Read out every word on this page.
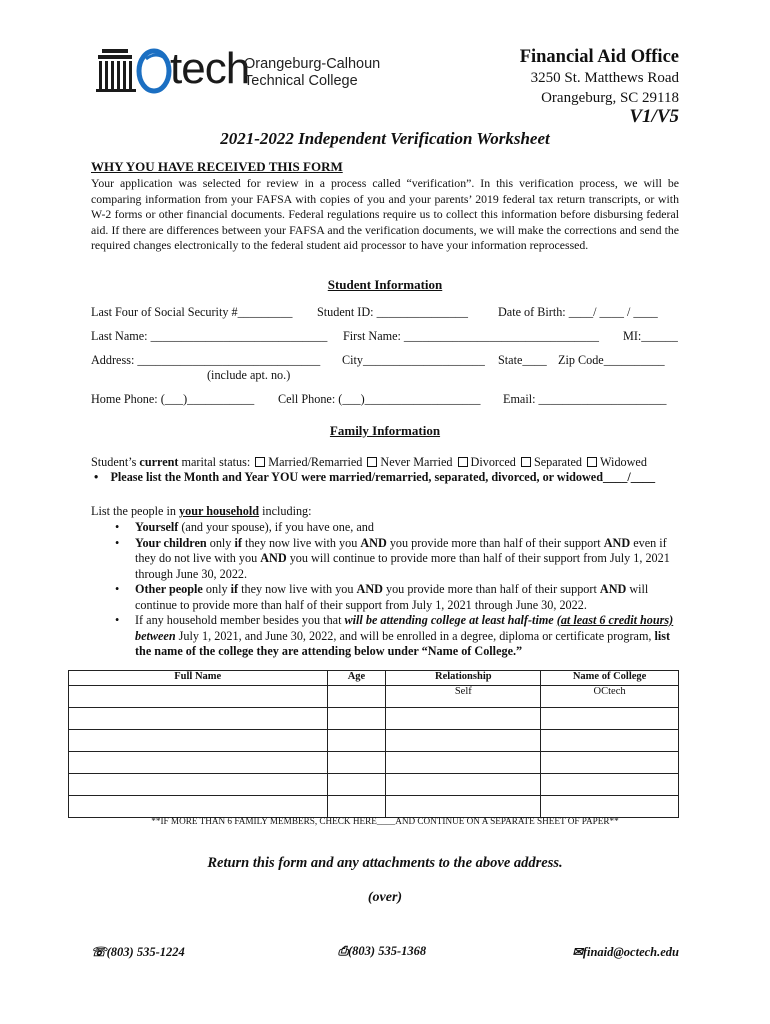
tech
Orangeburg-Calhoun
Technical College
Financial Aid Office
3250 St. Matthews Road
Orangeburg, SC 29118
V1/V5
2021-2022 Independent Verification Worksheet
WHY YOU HAVE RECEIVED THIS FORM
Your application was selected for review in a process called “verification”. In this verification process, we will be comparing information from your FAFSA with copies of you and your parents’ 2019 federal tax return transcripts, or with W-2 forms or other financial documents. Federal regulations require us to collect this information before disbursing federal aid. If there are differences between your FAFSA and the verification documents, we will make the corrections and send the required changes electronically to the federal student aid processor to have your information reprocessed.
Student Information
Last Four of Social Security #_________ Student ID: _______________ Date of Birth: ____/ ____ / ____
Last Name: _____________________________ First Name: ________________________________ MI:______
Address: ______________________________ City____________________ State____ Zip Code__________
(include apt. no.)
Home Phone: (___)___________ Cell Phone: (___)___________________ Email: _____________________
Family Information
Student’s current marital status: Married/Remarried Never Married Divorced Separated Widowed
•    Please list the Month and Year YOU were married/remarried, separated, divorced, or widowed____/____
List the people in your household including:
• Yourself (and your spouse), if you have one, and
• Your children only if they now live with you AND you provide more than half of their support AND even if they do not live with you AND you will continue to provide more than half of their support from July 1, 2021 through June 30, 2022.
• Other people only if they now live with you AND you provide more than half of their support AND will continue to provide more than half of their support from July 1, 2021 through June 30, 2022.
• If any household member besides you that will be attending college at least half-time (at least 6 credit hours) between July 1, 2021, and June 30, 2022, and will be enrolled in a degree, diploma or certificate program, list the name of the college they are attending below under “Name of College.”
Full Name	Age	Relationship	Name of College
		Self	OCtech

**IF MORE THAN 6 FAMILY MEMBERS, CHECK HERE____AND CONTINUE ON A SEPARATE SHEET OF PAPER**
Return this form and any attachments to the above address.
(over)
☏(803) 535-1224	⎙(803) 535-1368	✉finaid@octech.edu
